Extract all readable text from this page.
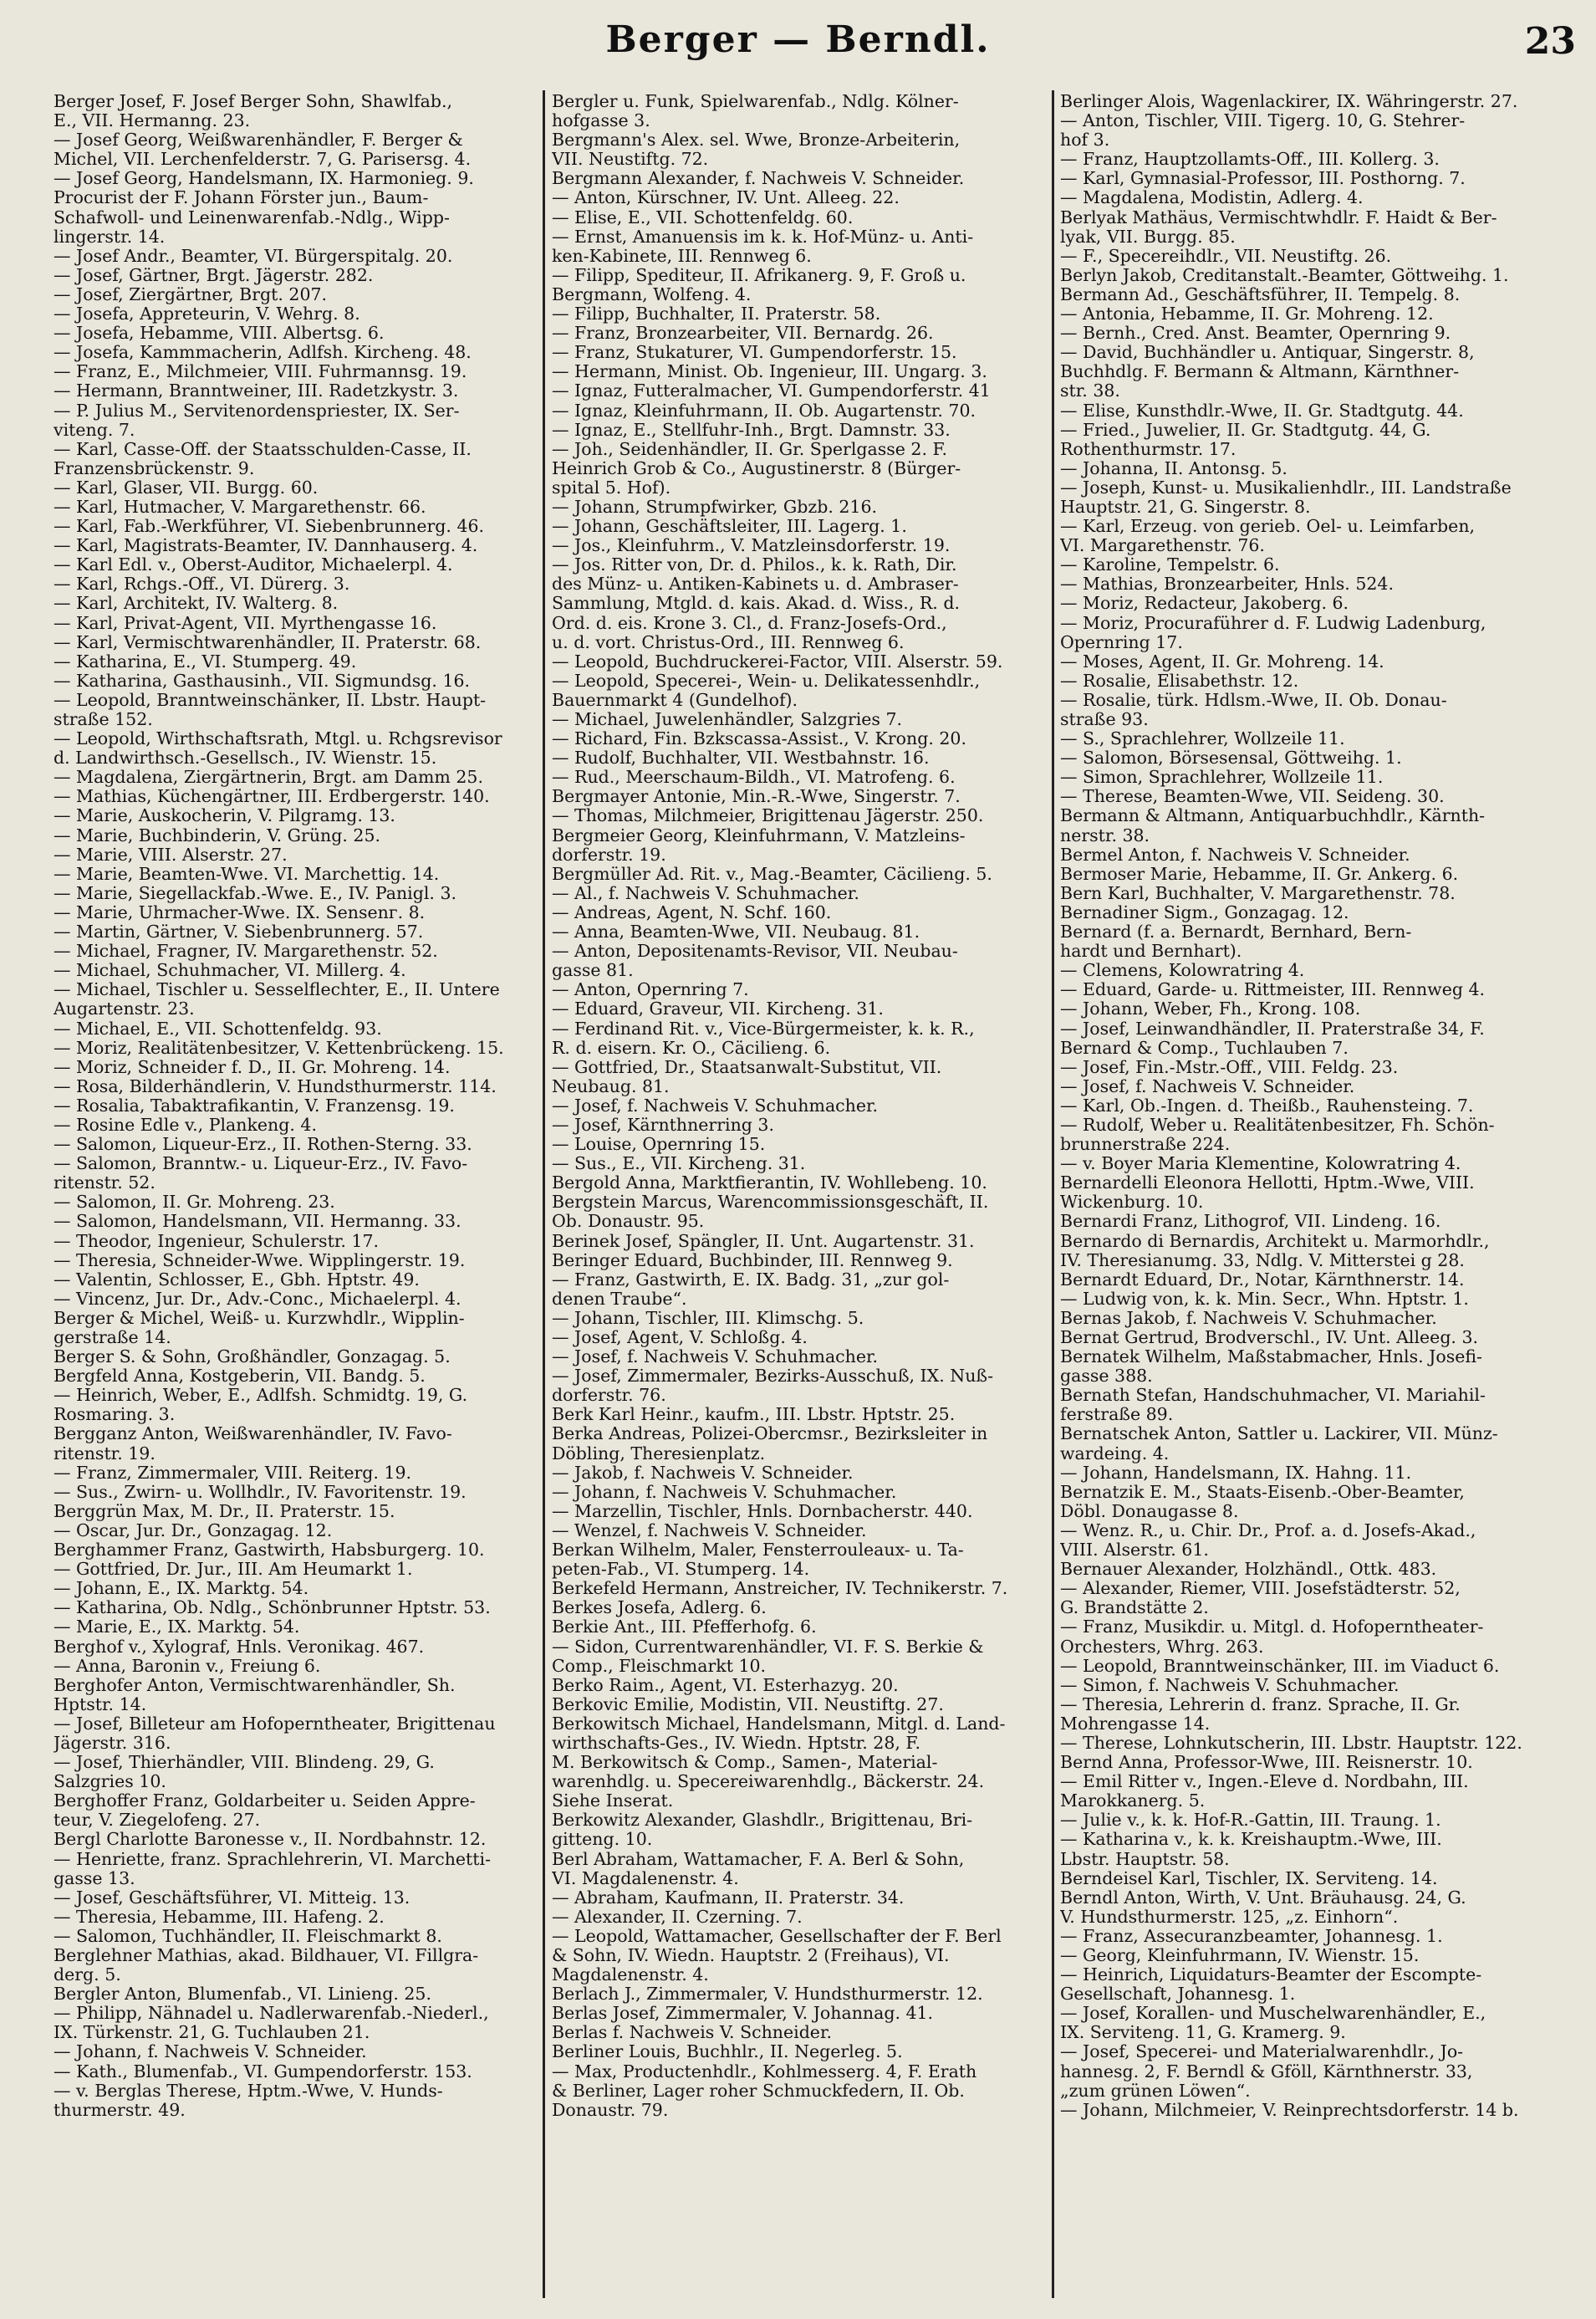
Berger — Berndl.	23
Berger Josef, F. Josef Berger Sohn, Shawlfab.,
E., VII. Hermanng. 23.
— Josef Georg, Weißwarenhändler, F. Berger &
Michel, VII. Lerchenfelderstr. 7, G. Parisersg. 4.
— Josef Georg, Handelsmann, IX. Harmonieg. 9.
Procurist der F. Johann Förster jun., Baum-
Schafwoll- und Leinenwarenfab.-Ndlg., Wipp-
lingerstr. 14.
— Josef Andr., Beamter, VI. Bürgerspitalg. 20.
— Josef, Gärtner, Brgt. Jägerstr. 282.
— Josef, Ziergärtner, Brgt. 207.
— Josefa, Appreteurin, V. Wehrg. 8.
— Josefa, Hebamme, VIII. Albertsg. 6.
— Josefa, Kammmacherin, Adlfsh. Kircheng. 48.
— Franz, E., Milchmeier, VIII. Fuhrmannsg. 19.
— Hermann, Branntweiner, III. Radetzkystr. 3.
— P. Julius M., Servitenordenspriester, IX. Ser-
viteng. 7.
— Karl, Casse-Off. der Staatsschulden-Casse, II.
Franzensbrückenstr. 9.
— Karl, Glaser, VII. Burgg. 60.
— Karl, Hutmacher, V. Margarethenstr. 66.
— Karl, Fab.-Werkführer, VI. Siebenbrunnerg. 46.
— Karl, Magistrats-Beamter, IV. Dannhauserg. 4.
— Karl Edl. v., Oberst-Auditor, Michaelerpl. 4.
— Karl, Rchgs.-Off., VI. Dürerg. 3.
— Karl, Architekt, IV. Walterg. 8.
— Karl, Privat-Agent, VII. Myrthengasse 16.
— Karl, Vermischtwarenhändler, II. Praterstr. 68.
— Katharina, E., VI. Stumperg. 49.
— Katharina, Gasthausinh., VII. Sigmundsg. 16.
— Leopold, Branntweinschänker, II. Lbstr. Haupt-
straße 152.
— Leopold, Wirthschaftsrath, Mtgl. u. Rchgsrevisor
d. Landwirthsch.-Gesellsch., IV. Wienstr. 15.
— Magdalena, Ziergärtnerin, Brgt. am Damm 25.
— Mathias, Küchengärtner, III. Erdbergerstr. 140.
— Marie, Auskocherin, V. Pilgramg. 13.
— Marie, Buchbinderin, V. Grüng. 25.
— Marie, VIII. Alserstr. 27.
— Marie, Beamten-Wwe. VI. Marchettig. 14.
— Marie, Siegellackfab.-Wwe. E., IV. Panigl. 3.
— Marie, Uhrmacher-Wwe. IX. Sensenг. 8.
— Martin, Gärtner, V. Siebenbrunnerg. 57.
— Michael, Fragner, IV. Margarethenstr. 52.
— Michael, Schuhmacher, VI. Millerg. 4.
— Michael, Tischler u. Sesselflechter, E., II. Untere
Augartenstr. 23.
— Michael, E., VII. Schottenfeldg. 93.
— Moriz, Realitätenbesitzer, V. Kettenbrückeng. 15.
— Moriz, Schneider f. D., II. Gr. Mohreng. 14.
— Rosa, Bilderhändlerin, V. Hundsthurmerstr. 114.
— Rosalia, Tabaktrafikantin, V. Franzensg. 19.
— Rosine Edle v., Plankeng. 4.
— Salomon, Liqueur-Erz., II. Rothen-Sterng. 33.
— Salomon, Branntw.- u. Liqueur-Erz., IV. Favo-
ritenstr. 52.
— Salomon, II. Gr. Mohreng. 23.
— Salomon, Handelsmann, VII. Hermanng. 33.
— Theodor, Ingenieur, Schulerstr. 17.
— Theresia, Schneider-Wwe. Wipplingerstr. 19.
— Valentin, Schlosser, E., Gbh. Hptstr. 49.
— Vincenz, Jur. Dr., Adv.-Conc., Michaelerpl. 4.
Berger & Michel, Weiß- u. Kurzwhdlr., Wipplin-
gerstraße 14.
Berger S. & Sohn, Großhändler, Gonzagag. 5.
Bergfeld Anna, Kostgeberin, VII. Bandg. 5.
— Heinrich, Weber, E., Adlfsh. Schmidtg. 19, G.
Rosmaring. 3.
Bergganz Anton, Weißwarenhändler, IV. Favo-
ritenstr. 19.
— Franz, Zimmermaler, VIII. Reiterg. 19.
— Sus., Zwirn- u. Wollhdlr., IV. Favoritenstr. 19.
Berggrün Max, M. Dr., II. Praterstr. 15.
— Oscar, Jur. Dr., Gonzagag. 12.
Berghammer Franz, Gastwirth, Habsburgerg. 10.
— Gottfried, Dr. Jur., III. Am Heumarkt 1.
— Johann, E., IX. Marktg. 54.
— Katharina, Ob. Ndlg., Schönbrunner Hptstr. 53.
— Marie, E., IX. Marktg. 54.
Berghof v., Xylograf, Hnls. Veronikag. 467.
— Anna, Baronin v., Freiung 6.
Berghofer Anton, Vermischtwarenhändler, Sh.
Hptstr. 14.
— Josef, Billeteur am Hofoperntheater, Brigittenau
Jägerstr. 316.
— Josef, Thierhändler, VIII. Blindeng. 29, G.
Salzgries 10.
Berghoffer Franz, Goldarbeiter u. Seiden Appre-
teur, V. Ziegelofeng. 27.
Bergl Charlotte Baronesse v., II. Nordbahnstr. 12.
— Henriette, franz. Sprachlehrerin, VI. Marchetti-
gasse 13.
— Josef, Geschäftsführer, VI. Mitteig. 13.
— Theresia, Hebamme, III. Hafeng. 2.
— Salomon, Tuchhändler, II. Fleischmarkt 8.
Berglehner Mathias, akad. Bildhauer, VI. Fillgra-
derg. 5.
Bergler Anton, Blumenfab., VI. Linieng. 25.
— Philipp, Nähnadel u. Nadlerwarenfab.-Niederl.,
IX. Türkenstr. 21, G. Tuchlauben 21.
— Johann, f. Nachweis V. Schneider.
— Kath., Blumenfab., VI. Gumpendorferstr. 153.
— v. Berglas Therese, Hptm.-Wwe, V. Hunds-
thurmerstr. 49.
Bergler u. Funk, Spielwarenfab., Ndlg. Kölner-
hofgasse 3.
Bergmann's Alex. sel. Wwe, Bronze-Arbeiterin,
VII. Neustiftg. 72.
Bergmann Alexander, f. Nachweis V. Schneider.
— Anton, Kürschner, IV. Unt. Alleeg. 22.
— Elise, E., VII. Schottenfeldg. 60.
— Ernst, Amanuensis im k. k. Hof-Münz- u. Anti-
ken-Kabinete, III. Rennweg 6.
— Filipp, Spediteur, II. Afrikanerg. 9, F. Groß u.
Bergmann, Wolfeng. 4.
— Filipp, Buchhalter, II. Praterstr. 58.
— Franz, Bronzearbeiter, VII. Bernardg. 26.
— Franz, Stukaturer, VI. Gumpendorferstr. 15.
— Hermann, Minist. Ob. Ingenieur, III. Ungarg. 3.
— Ignaz, Futteralmacher, VI. Gumpendorferstr. 41
— Ignaz, Kleinfuhrmann, II. Ob. Augartenstr. 70.
— Ignaz, E., Stellfuhr-Inh., Brgt. Damnstr. 33.
— Joh., Seidenhändler, II. Gr. Sperlgasse 2. F.
Heinrich Grob & Co., Augustinerstr. 8 (Bürger-
spital 5. Hof).
— Johann, Strumpfwirker, Gbzb. 216.
— Johann, Geschäftsleiter, III. Lagerg. 1.
— Jos., Kleinfuhrm., V. Matzleinsdorferstr. 19.
— Jos. Ritter von, Dr. d. Philos., k. k. Rath, Dir.
des Münz- u. Antiken-Kabinets u. d. Ambraser-
Sammlung, Mtgld. d. kais. Akad. d. Wiss., R. d.
Ord. d. eis. Krone 3. Cl., d. Franz-Josefs-Ord.,
u. d. vort. Christus-Ord., III. Rennweg 6.
— Leopold, Buchdruckerei-Factor, VIII. Alserstr. 59.
— Leopold, Specerei-, Wein- u. Delikatessenhdlr.,
Bauernmarkt 4 (Gundelhof).
— Michael, Juwelenhändler, Salzgries 7.
— Richard, Fin. Bzkscassa-Assist., V. Krong. 20.
— Rudolf, Buchhalter, VII. Westbahnstr. 16.
— Rud., Meerschaum-Bildh., VI. Matrofeng. 6.
Bergmayer Antonie, Min.-R.-Wwe, Singerstr. 7.
— Thomas, Milchmeier, Brigittenau Jägerstr. 250.
Bergmeier Georg, Kleinfuhrmann, V. Matzleins-
dorferstr. 19.
Bergmüller Ad. Rit. v., Mag.-Beamter, Cäcilieng. 5.
— Al., f. Nachweis V. Schuhmacher.
— Andreas, Agent, N. Schf. 160.
— Anna, Beamten-Wwe, VII. Neubaug. 81.
— Anton, Depositenamts-Revisor, VII. Neubau-
gasse 81.
— Anton, Opernring 7.
— Eduard, Graveur, VII. Kircheng. 31.
— Ferdinand Rit. v., Vice-Bürgermeister, k. k. R.,
R. d. eisern. Kr. O., Cäcilieng. 6.
— Gottfried, Dr., Staatsanwalt-Substitut, VII.
Neubaug. 81.
— Josef, f. Nachweis V. Schuhmacher.
— Josef, Kärnthnerring 3.
— Louise, Opernring 15.
— Sus., E., VII. Kircheng. 31.
Bergold Anna, Marktfierantin, IV. Wohllebeng. 10.
Bergstein Marcus, Warencommissionsgeschäft, II.
Ob. Donaustr. 95.
Berinek Josef, Spängler, II. Unt. Augartenstr. 31.
Beringer Eduard, Buchbinder, III. Rennweg 9.
— Franz, Gastwirth, E. IX. Badg. 31, „zur gol-
denen Traube“.
— Johann, Tischler, III. Klimschg. 5.
— Josef, Agent, V. Schloßg. 4.
— Josef, f. Nachweis V. Schuhmacher.
— Josef, Zimmermaler, Bezirks-Ausschuß, IX. Nuß-
dorferstr. 76.
Berk Karl Heinr., kaufm., III. Lbstr. Hptstr. 25.
Berka Andreas, Polizei-Obercmsr., Bezirksleiter in
Döbling, Theresienplatz.
— Jakob, f. Nachweis V. Schneider.
— Johann, f. Nachweis V. Schuhmacher.
— Marzellin, Tischler, Hnls. Dornbacherstr. 440.
— Wenzel, f. Nachweis V. Schneider.
Berkan Wilhelm, Maler, Fensterrouleaux- u. Ta-
peten-Fab., VI. Stumperg. 14.
Berkefeld Hermann, Anstreicher, IV. Technikerstr. 7.
Berkes Josefa, Adlerg. 6.
Berkie Ant., III. Pfefferhofg. 6.
— Sidon, Currentwarenhändler, VI. F. S. Berkie &
Comp., Fleischmarkt 10.
Berko Raim., Agent, VI. Esterhazyg. 20.
Berkovic Emilie, Modistin, VII. Neustiftg. 27.
Berkowitsch Michael, Handelsmann, Mitgl. d. Land-
wirthschafts-Ges., IV. Wiedn. Hptstr. 28, F.
M. Berkowitsch & Comp., Samen-, Material-
warenhdlg. u. Specereiwarenhdlg., Bäckerstr. 24.
Siehe Inserat.
Berkowitz Alexander, Glashdlr., Brigittenau, Bri-
gitteng. 10.
Berl Abraham, Wattamacher, F. A. Berl & Sohn,
VI. Magdalenenstr. 4.
— Abraham, Kaufmann, II. Praterstr. 34.
— Alexander, II. Czerning. 7.
— Leopold, Wattamacher, Gesellschafter der F. Berl
& Sohn, IV. Wiedn. Hauptstr. 2 (Freihaus), VI.
Magdalenenstr. 4.
Berlach J., Zimmermaler, V. Hundsthurmerstr. 12.
Berlas Josef, Zimmermaler, V. Johannag. 41.
Berlas f. Nachweis V. Schneider.
Berliner Louis, Buchhlr., II. Negerleg. 5.
— Max, Productenhdlr., Kohlmesserg. 4, F. Erath
& Berliner, Lager roher Schmuckfedern, II. Ob.
Donaustr. 79.
Berlinger Alois, Wagenlackirer, IX. Währingerstr. 27.
— Anton, Tischler, VIII. Tigerg. 10, G. Stehrer-
hof 3.
— Franz, Hauptzollamts-Off., III. Kollerg. 3.
— Karl, Gymnasial-Professor, III. Posthorng. 7.
— Magdalena, Modistin, Adlerg. 4.
Berlyak Mathäus, Vermischtwhdlr. F. Haidt & Ber-
lyak, VII. Burgg. 85.
— F., Specereihdlr., VII. Neustiftg. 26.
Berlyn Jakob, Creditanstalt.-Beamter, Göttweihg. 1.
Bermann Ad., Geschäftsführer, II. Tempelg. 8.
— Antonia, Hebamme, II. Gr. Mohreng. 12.
— Bernh., Cred. Anst. Beamter, Opernring 9.
— David, Buchhändler u. Antiquar, Singerstr. 8,
Buchhdlg. F. Bermann & Altmann, Kärnthner-
str. 38.
— Elise, Kunsthdlr.-Wwe, II. Gr. Stadtgutg. 44.
— Fried., Juwelier, II. Gr. Stadtgutg. 44, G.
Rothenthurmstr. 17.
— Johanna, II. Antonsg. 5.
— Joseph, Kunst- u. Musikalienhdlr., III. Landstraße
Hauptstr. 21, G. Singerstr. 8.
— Karl, Erzeug. von gerieb. Oel- u. Leimfarben,
VI. Margarethenstr. 76.
— Karoline, Tempelstr. 6.
— Mathias, Bronzearbeiter, Hnls. 524.
— Moriz, Redacteur, Jakoberg. 6.
— Moriz, Procuraführer d. F. Ludwig Ladenburg,
Opernring 17.
— Moses, Agent, II. Gr. Mohreng. 14.
— Rosalie, Elisabethstr. 12.
— Rosalie, türk. Hdlsm.-Wwe, II. Ob. Donau-
straße 93.
— S., Sprachlehrer, Wollzeile 11.
— Salomon, Börsesensal, Göttweihg. 1.
— Simon, Sprachlehrer, Wollzeile 11.
— Therese, Beamten-Wwe, VII. Seideng. 30.
Bermann & Altmann, Antiquarbuchhdlr., Kärnth-
nerstr. 38.
Bermel Anton, f. Nachweis V. Schneider.
Bermoser Marie, Hebamme, II. Gr. Ankerg. 6.
Bern Karl, Buchhalter, V. Margarethenstr. 78.
Bernadiner Sigm., Gonzagag. 12.
Bernard (f. a. Bernardt, Bernhard, Bern-
hardt und Bernhart).
— Clemens, Kolowratring 4.
— Eduard, Garde- u. Rittmeister, III. Rennweg 4.
— Johann, Weber, Fh., Krong. 108.
— Josef, Leinwandhändler, II. Praterstraße 34, F.
Bernard & Comp., Tuchlauben 7.
— Josef, Fin.-Mstr.-Off., VIII. Feldg. 23.
— Josef, f. Nachweis V. Schneider.
— Karl, Ob.-Ingen. d. Theißb., Rauhensteing. 7.
— Rudolf, Weber u. Realitätenbesitzer, Fh. Schön-
brunnerstraße 224.
— v. Boyer Maria Klementine, Kolowratring 4.
Bernardelli Eleonora Hellotti, Hptm.-Wwe, VIII.
Wickenburg. 10.
Bernardi Franz, Lithogrof, VII. Lindeng. 16.
Bernardo di Bernardis, Architekt u. Marmorhdlr.,
IV. Theresianumg. 33, Ndlg. V. Mitterstei g 28.
Bernardt Eduard, Dr., Notar, Kärnthnerstr. 14.
— Ludwig von, k. k. Min. Secr., Whn. Hptstr. 1.
Bernas Jakob, f. Nachweis V. Schuhmacher.
Bernat Gertrud, Brodverschl., IV. Unt. Alleeg. 3.
Bernatek Wilhelm, Maßstabmacher, Hnls. Josefi-
gasse 388.
Bernath Stefan, Handschuhmacher, VI. Mariahil-
ferstraße 89.
Bernatschek Anton, Sattler u. Lackirer, VII. Münz-
wardeing. 4.
— Johann, Handelsmann, IX. Hahng. 11.
Bernatzik E. M., Staats-Eisenb.-Ober-Beamter,
Döbl. Donaugasse 8.
— Wenz. R., u. Chir. Dr., Prof. a. d. Josefs-Akad.,
VIII. Alserstr. 61.
Bernauer Alexander, Holzhändl., Ottk. 483.
— Alexander, Riemer, VIII. Josefstädterstr. 52,
G. Brandstätte 2.
— Franz, Musikdir. u. Mitgl. d. Hofoperntheater-
Orchesters, Whrg. 263.
— Leopold, Branntweinschänker, III. im Viaduct 6.
— Simon, f. Nachweis V. Schuhmacher.
— Theresia, Lehrerin d. franz. Sprache, II. Gr.
Mohrengasse 14.
— Therese, Lohnkutscherin, III. Lbstr. Hauptstr. 122.
Bernd Anna, Professor-Wwe, III. Reisnerstr. 10.
— Emil Ritter v., Ingen.-Eleve d. Nordbahn, III.
Marokkanerg. 5.
— Julie v., k. k. Hof-R.-Gattin, III. Traung. 1.
— Katharina v., k. k. Kreishauptm.-Wwe, III.
Lbstr. Hauptstr. 58.
Berndeisel Karl, Tischler, IX. Serviteng. 14.
Berndl Anton, Wirth, V. Unt. Bräuhausg. 24, G.
V. Hundsthurmerstr. 125, „z. Einhorn“.
— Franz, Assecuranzbeamter, Johannesg. 1.
— Georg, Kleinfuhrmann, IV. Wienstr. 15.
— Heinrich, Liquidaturs-Beamter der Escompte-
Gesellschaft, Johannesg. 1.
— Josef, Korallen- und Muschelwarenhändler, E.,
IX. Serviteng. 11, G. Kramerg. 9.
— Josef, Specerei- und Materialwarenhdlr., Jo-
hannesg. 2, F. Berndl & Gföll, Kärnthnerstr. 33,
„zum grünen Löwen“.
— Johann, Milchmeier, V. Reinprechtsdorferstr. 14 b.
